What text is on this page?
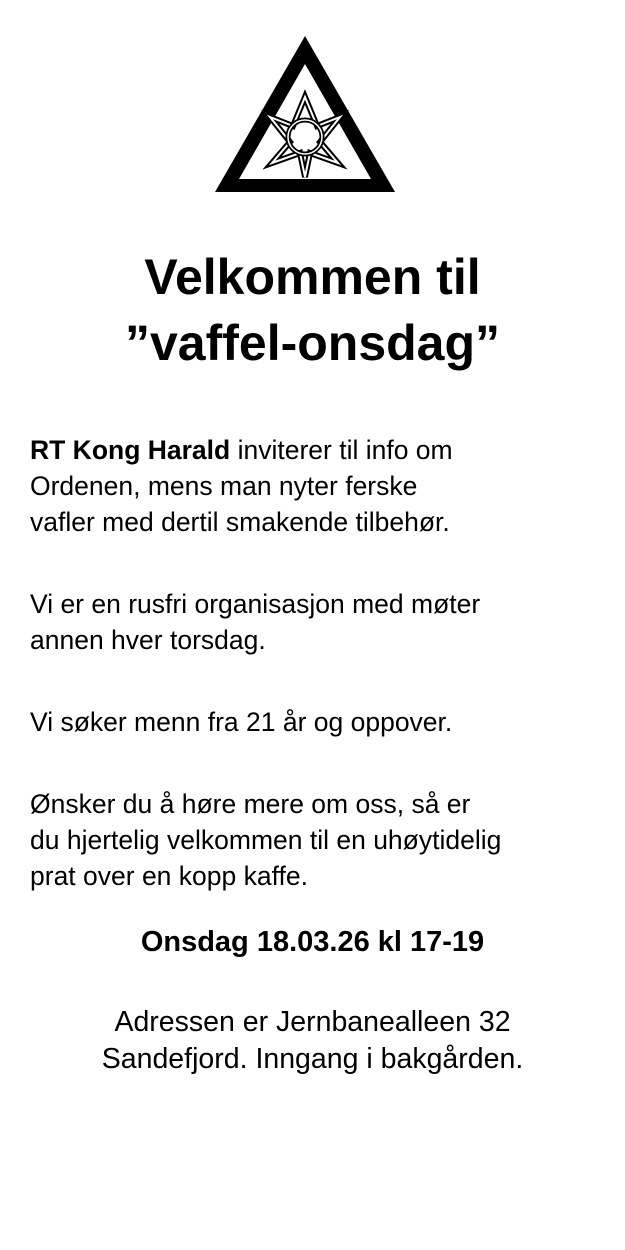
Velkommen til
”vaffel-onsdag”

RT Kong Harald inviterer til info om
Ordenen, mens man nyter ferske
vafler med dertil smakende tilbehør.

Vi er en rusfri organisasjon med møter
annen hver torsdag.

Vi søker menn fra 21 år og oppover.

Ønsker du å høre mere om oss, så er
du hjertelig velkommen til en uhøytidelig
prat over en kopp kaffe.

Onsdag 18.03.26 kl 17-19

Adressen er Jernbanealleen 32
Sandefjord. Inngang i bakgården.
